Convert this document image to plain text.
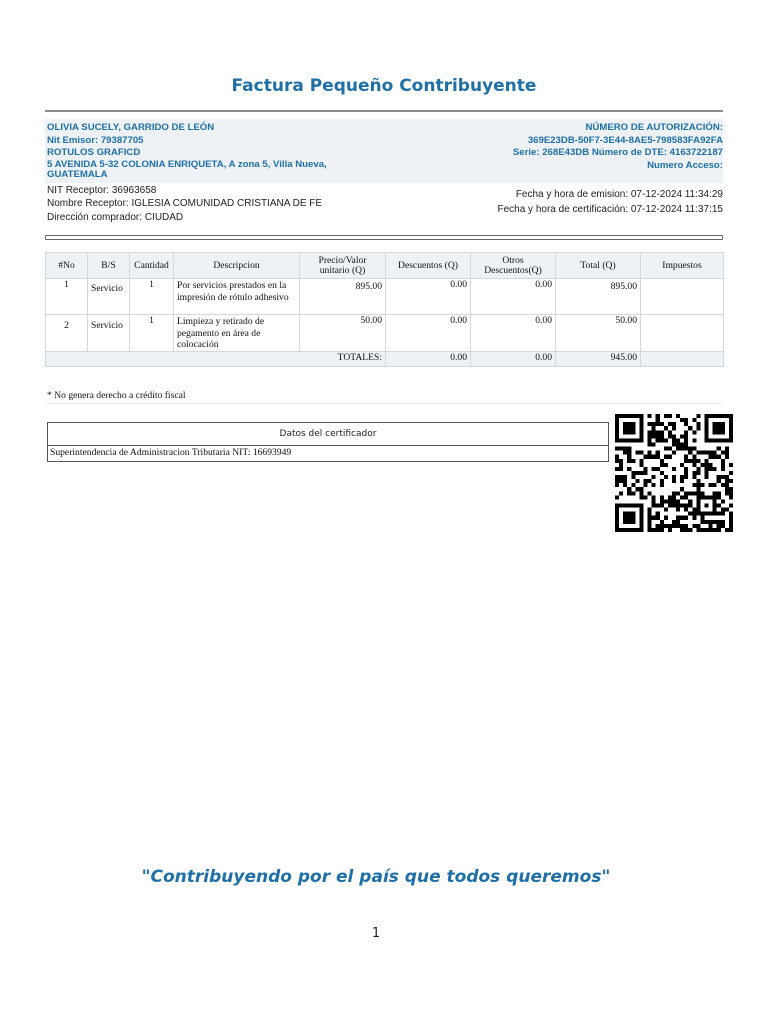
Factura Pequeño Contribuyente
OLIVIA SUCELY, GARRIDO DE LEÓN
Nit Emisor: 79387705
ROTULOS GRAFICD
5 AVENIDA 5-32 COLONIA ENRIQUETA, A zona 5, Villa Nueva, GUATEMALA
NÚMERO DE AUTORIZACIÓN:
369E23DB-50F7-3E44-8AE5-798583FA92FA
Serie: 268E43DB Número de DTE: 4163722187
Numero Acceso:
NIT Receptor: 36963658
Nombre Receptor: IGLESIA COMUNIDAD CRISTIANA DE FE
Dirección comprador: CIUDAD
Fecha y hora de emision: 07-12-2024 11:34:29
Fecha y hora de certificación: 07-12-2024 11:37:15
#No	B/S	Cantidad	Descripcion	Precio/Valor unitario (Q)	Descuentos (Q)	Otros Descuentos(Q)	Total (Q)	Impuestos
1	Servicio	1	Por servicios prestados en la impresión de rótulo adhesivo	895.00	0.00	0.00	895.00	
2	Servicio	1	Limpieza y retirado de pegamento en área de colocación	50.00	0.00	0.00	50.00	
TOTALES:					0.00	0.00	945.00	
* No genera derecho a crédito fiscal
Datos del certificador
Superintendencia de Administracion Tributaria NIT: 16693949
"Contribuyendo por el país que todos queremos"
1
